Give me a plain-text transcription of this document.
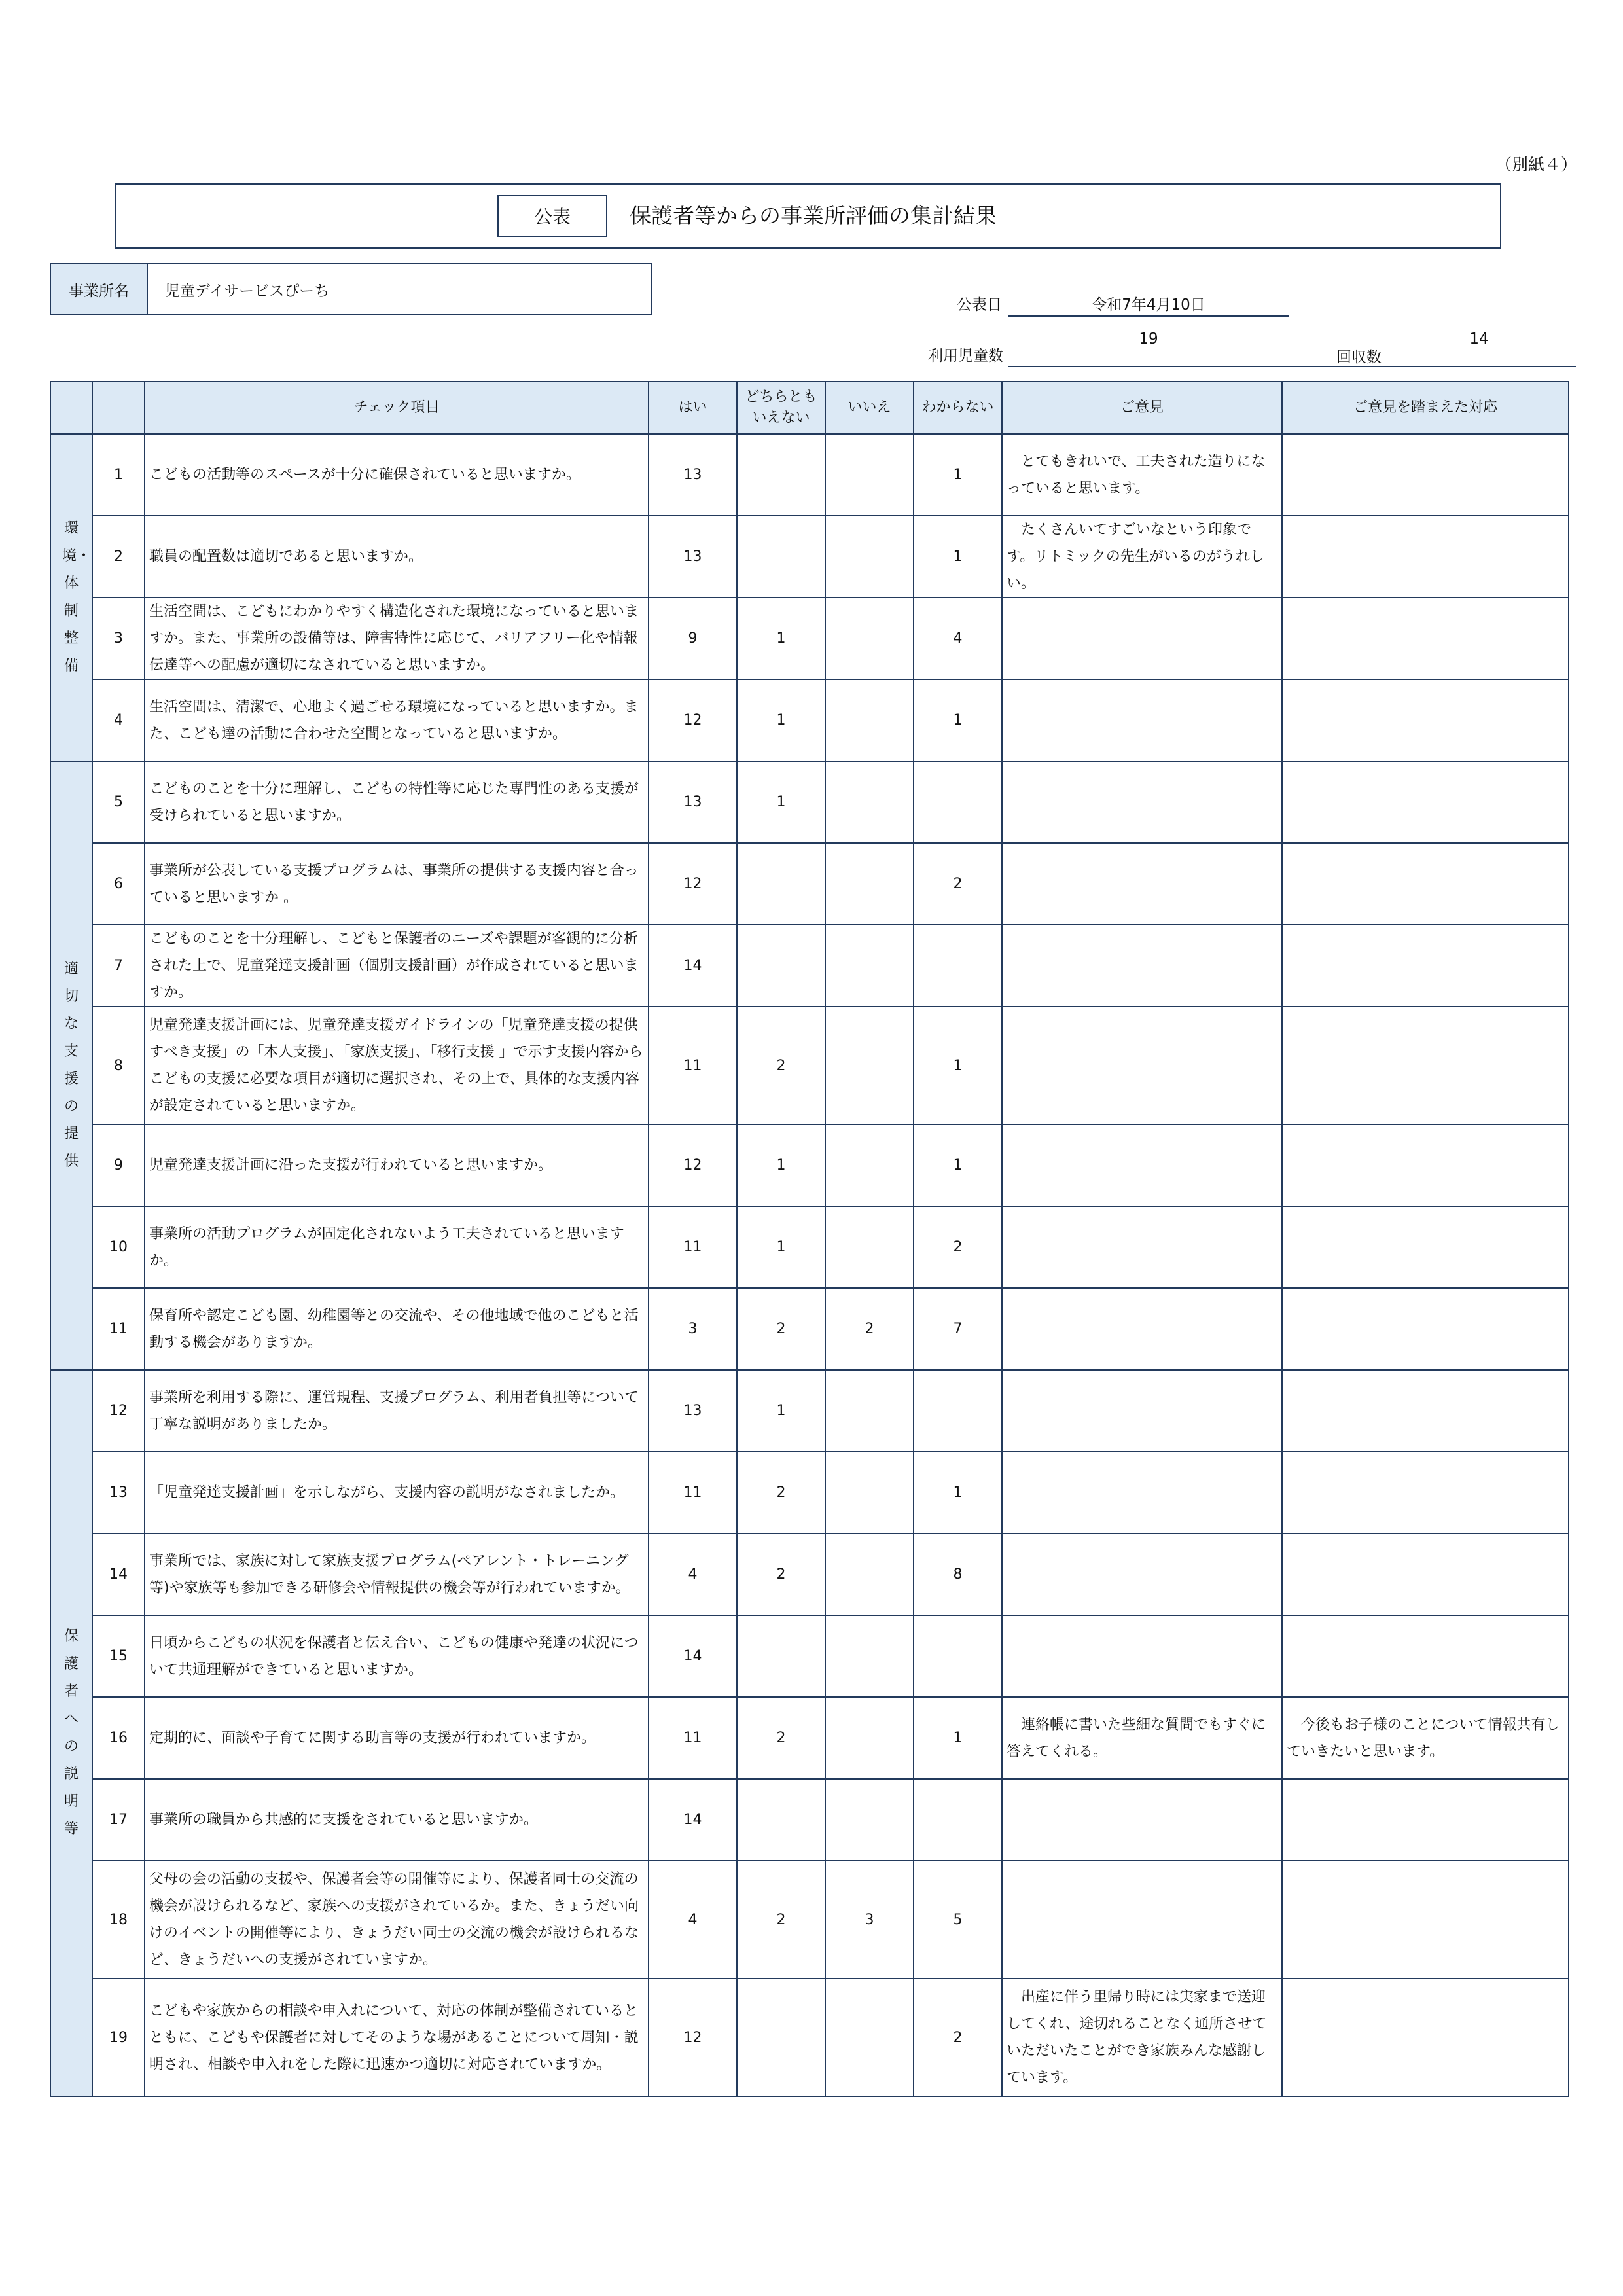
（別紙４）
公表	保護者等からの事業所評価の集計結果
事業所名	児童デイサービスぴーち
公表日	令和7年4月10日
利用児童数
19
回収数
14
		チェック項目	はい	どちらとも
いえない	いいえ	わからない	ご意見	ご意見を踏まえた対応
環境・体制整備	1	こどもの活動等のスペースが十分に確保されていると思いますか。	13			1	　とてもきれいで、工夫された造りになっていると思います。	
	2	職員の配置数は適切であると思いますか。	13			1	　たくさんいてすごいなという印象です。リトミックの先生がいるのがうれしい。	
	3	生活空間は、こどもにわかりやすく構造化された環境になっていると思いますか。また、事業所の設備等は、障害特性に応じて、バリアフリー化や情報伝達等への配慮が適切になされていると思いますか。	9	1		4		
	4	生活空間は、清潔で、心地よく過ごせる環境になっていると思いますか。また、こども達の活動に合わせた空間となっていると思いますか。	12	1		1		
適切な支援の提供	5	こどものことを十分に理解し、こどもの特性等に応じた専門性のある支援が受けられていると思いますか。	13	1				
	6	事業所が公表している支援プログラムは、事業所の提供する支援内容と合っていると思いますか 。	12			2		
	7	こどものことを十分理解し、こどもと保護者のニーズや課題が客観的に分析された上で、児童発達支援計画（個別支援計画）が作成されていると思いますか。	14					
	8	児童発達支援計画には、児童発達支援ガイドラインの「児童発達支援の提供すべき支援」の「本人支援」、「家族支援」、「移行支援 」で示す支援内容からこどもの支援に必要な項目が適切に選択され、その上で、具体的な支援内容が設定されていると思いますか。	11	2		1		
	9	児童発達支援計画に沿った支援が行われていると思いますか。	12	1		1		
	10	事業所の活動プログラムが固定化されないよう工夫されていると思いますか。	11	1		2		
	11	保育所や認定こども園、幼稚園等との交流や、その他地域で他のこどもと活動する機会がありますか。	3	2	2	7		
保護者への説明等	12	事業所を利用する際に、運営規程、支援プログラム、利用者負担等について丁寧な説明がありましたか。	13	1				
	13	「児童発達支援計画」を示しながら、支援内容の説明がなされましたか。	11	2		1		
	14	事業所では、家族に対して家族支援プログラム(ペアレント・トレーニング等)や家族等も参加できる研修会や情報提供の機会等が行われていますか。	4	2		8		
	15	日頃からこどもの状況を保護者と伝え合い、こどもの健康や発達の状況について共通理解ができていると思いますか。	14					
	16	定期的に、面談や子育てに関する助言等の支援が行われていますか。	11	2		1	　連絡帳に書いた些細な質問でもすぐに答えてくれる。	　今後もお子様のことについて情報共有していきたいと思います。
	17	事業所の職員から共感的に支援をされていると思いますか。	14					
	18	父母の会の活動の支援や、保護者会等の開催等により、保護者同士の交流の機会が設けられるなど、家族への支援がされているか。また、きょうだい向けのイベントの開催等により、きょうだい同士の交流の機会が設けられるなど、きょうだいへの支援がされていますか。	4	2	3	5		
	19	こどもや家族からの相談や申入れについて、対応の体制が整備されているとともに、こどもや保護者に対してそのような場があることについて周知・説明され、相談や申入れをした際に迅速かつ適切に対応されていますか。	12			2	　出産に伴う里帰り時には実家まで送迎してくれ、途切れることなく通所させていただいたことができ家族みんな感謝しています。	
